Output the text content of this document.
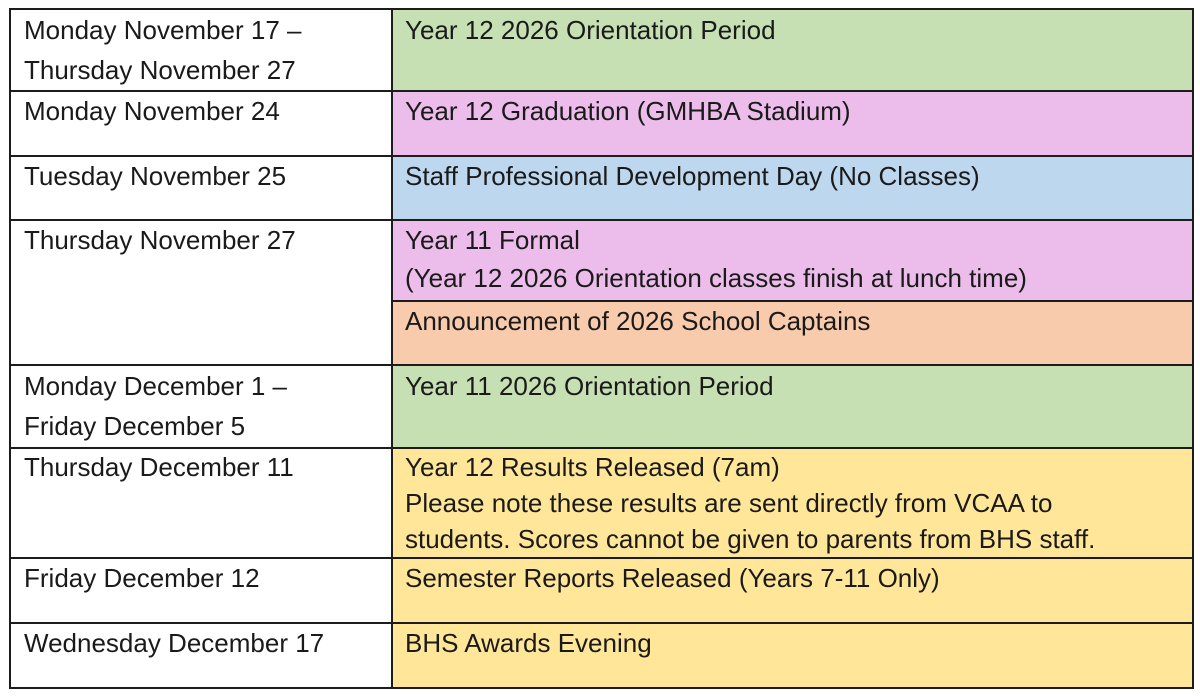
Monday November 17 –
Thursday November 27	Year 12 2026 Orientation Period

Monday November 24	Year 12 Graduation (GMHBA Stadium)

Tuesday November 25	Staff Professional Development Day (No Classes)

Thursday November 27	Year 11 Formal
(Year 12 2026 Orientation classes finish at lunch time)

	Announcement of 2026 School Captains

Monday December 1 –
Friday December 5	Year 11 2026 Orientation Period

Thursday December 11	Year 12 Results Released (7am)
Please note these results are sent directly from VCAA to
students. Scores cannot be given to parents from BHS staff.

Friday December 12	Semester Reports Released (Years 7-11 Only)

Wednesday December 17	BHS Awards Evening
